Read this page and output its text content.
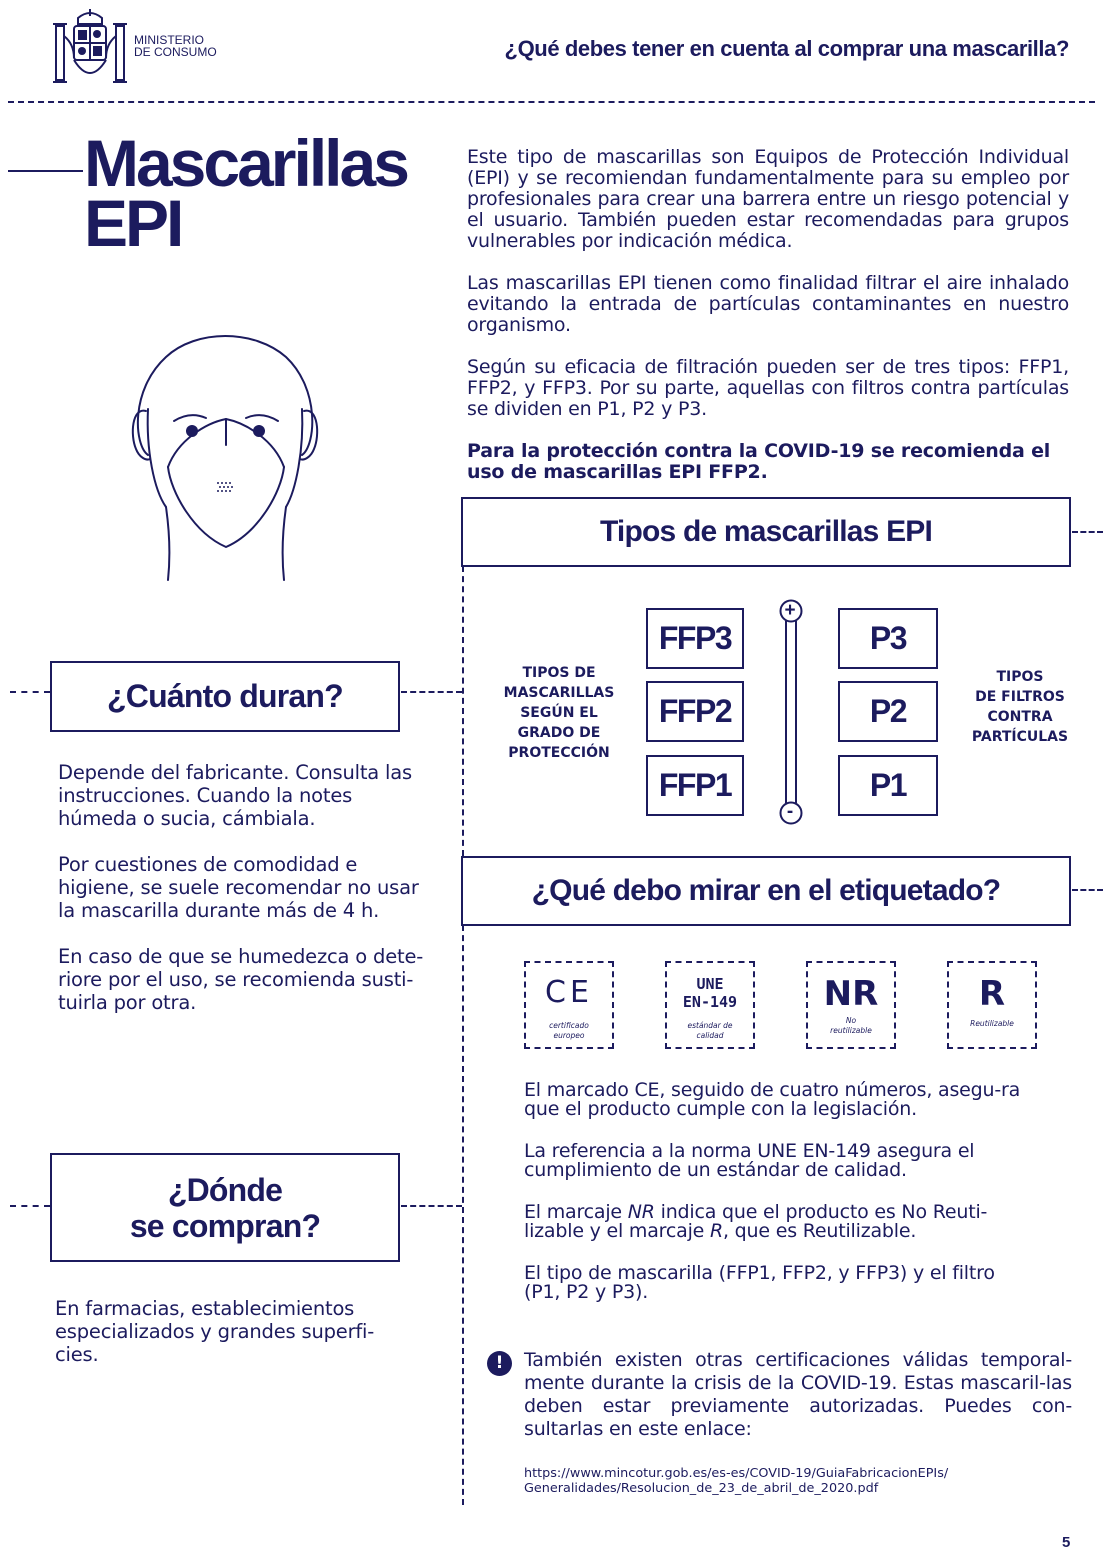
MINISTERIO
DE CONSUMO	¿Qué debes tener en cuenta al comprar una mascarilla?
Mascarillas
EPI

Este tipo de mascarillas son Equipos de Protección Individual (EPI) y se recomiendan fundamentalmente para su empleo por profesionales para crear una barrera entre un riesgo potencial y el usuario. También pueden estar recomendadas para grupos vulnerables por indicación médica.

Las mascarillas EPI tienen como finalidad filtrar el aire inhalado evitando la entrada de partículas contaminantes en nuestro organismo.

Según su eficacia de filtración pueden ser de tres tipos: FFP1, FFP2, y FFP3. Por su parte, aquellas con filtros contra partículas se dividen en P1, P2 y P3.

Para la protección contra la COVID-19 se recomienda el uso de mascarillas EPI FFP2.

¿Cuánto duran?

Depende del fabricante. Consulta las instrucciones. Cuando la notes húmeda o sucia, cámbiala.

Por cuestiones de comodidad e higiene, se suele recomendar no usar la mascarilla durante más de 4 h.

En caso de que se humedezca o dete-riore por el uso, se recomienda susti-tuirla por otra.

¿Dónde
se compran?
En farmacias, establecimientos especializados y grandes superfi-cies.
Tipos de mascarillas EPI
TIPOS DE
MASCARILLAS
SEGÚN EL
GRADO DE
PROTECCIÓN
FFP3
FFP2
FFP1
+
-
P3
P2
P1
TIPOS
DE FILTROS
CONTRA
PARTÍCULAS
¿Qué debo mirar en el etiquetado?
CE
certificado europeo
UNE
EN-149
estándar de calidad
NR
No reutilizable
R
Reutilizable

El marcado CE, seguido de cuatro números, asegu-ra que el producto cumple con la legislación.

La referencia a la norma UNE EN-149 asegura el cumplimiento de un estándar de calidad.

El marcaje NR indica que el producto es No Reuti-lizable y el marcaje R, que es Reutilizable.

El tipo de mascarilla (FFP1, FFP2, y FFP3) y el filtro (P1, P2 y P3).

!	También existen otras certificaciones válidas temporal-mente durante la crisis de la COVID-19. Estas mascaril-las deben estar previamente autorizadas. Puedes con-sultarlas en este enlace:
https://www.mincotur.gob.es/es-es/COVID-19/GuiaFabricacionEPIs/
Generalidades/Resolucion_de_23_de_abril_de_2020.pdf
5
